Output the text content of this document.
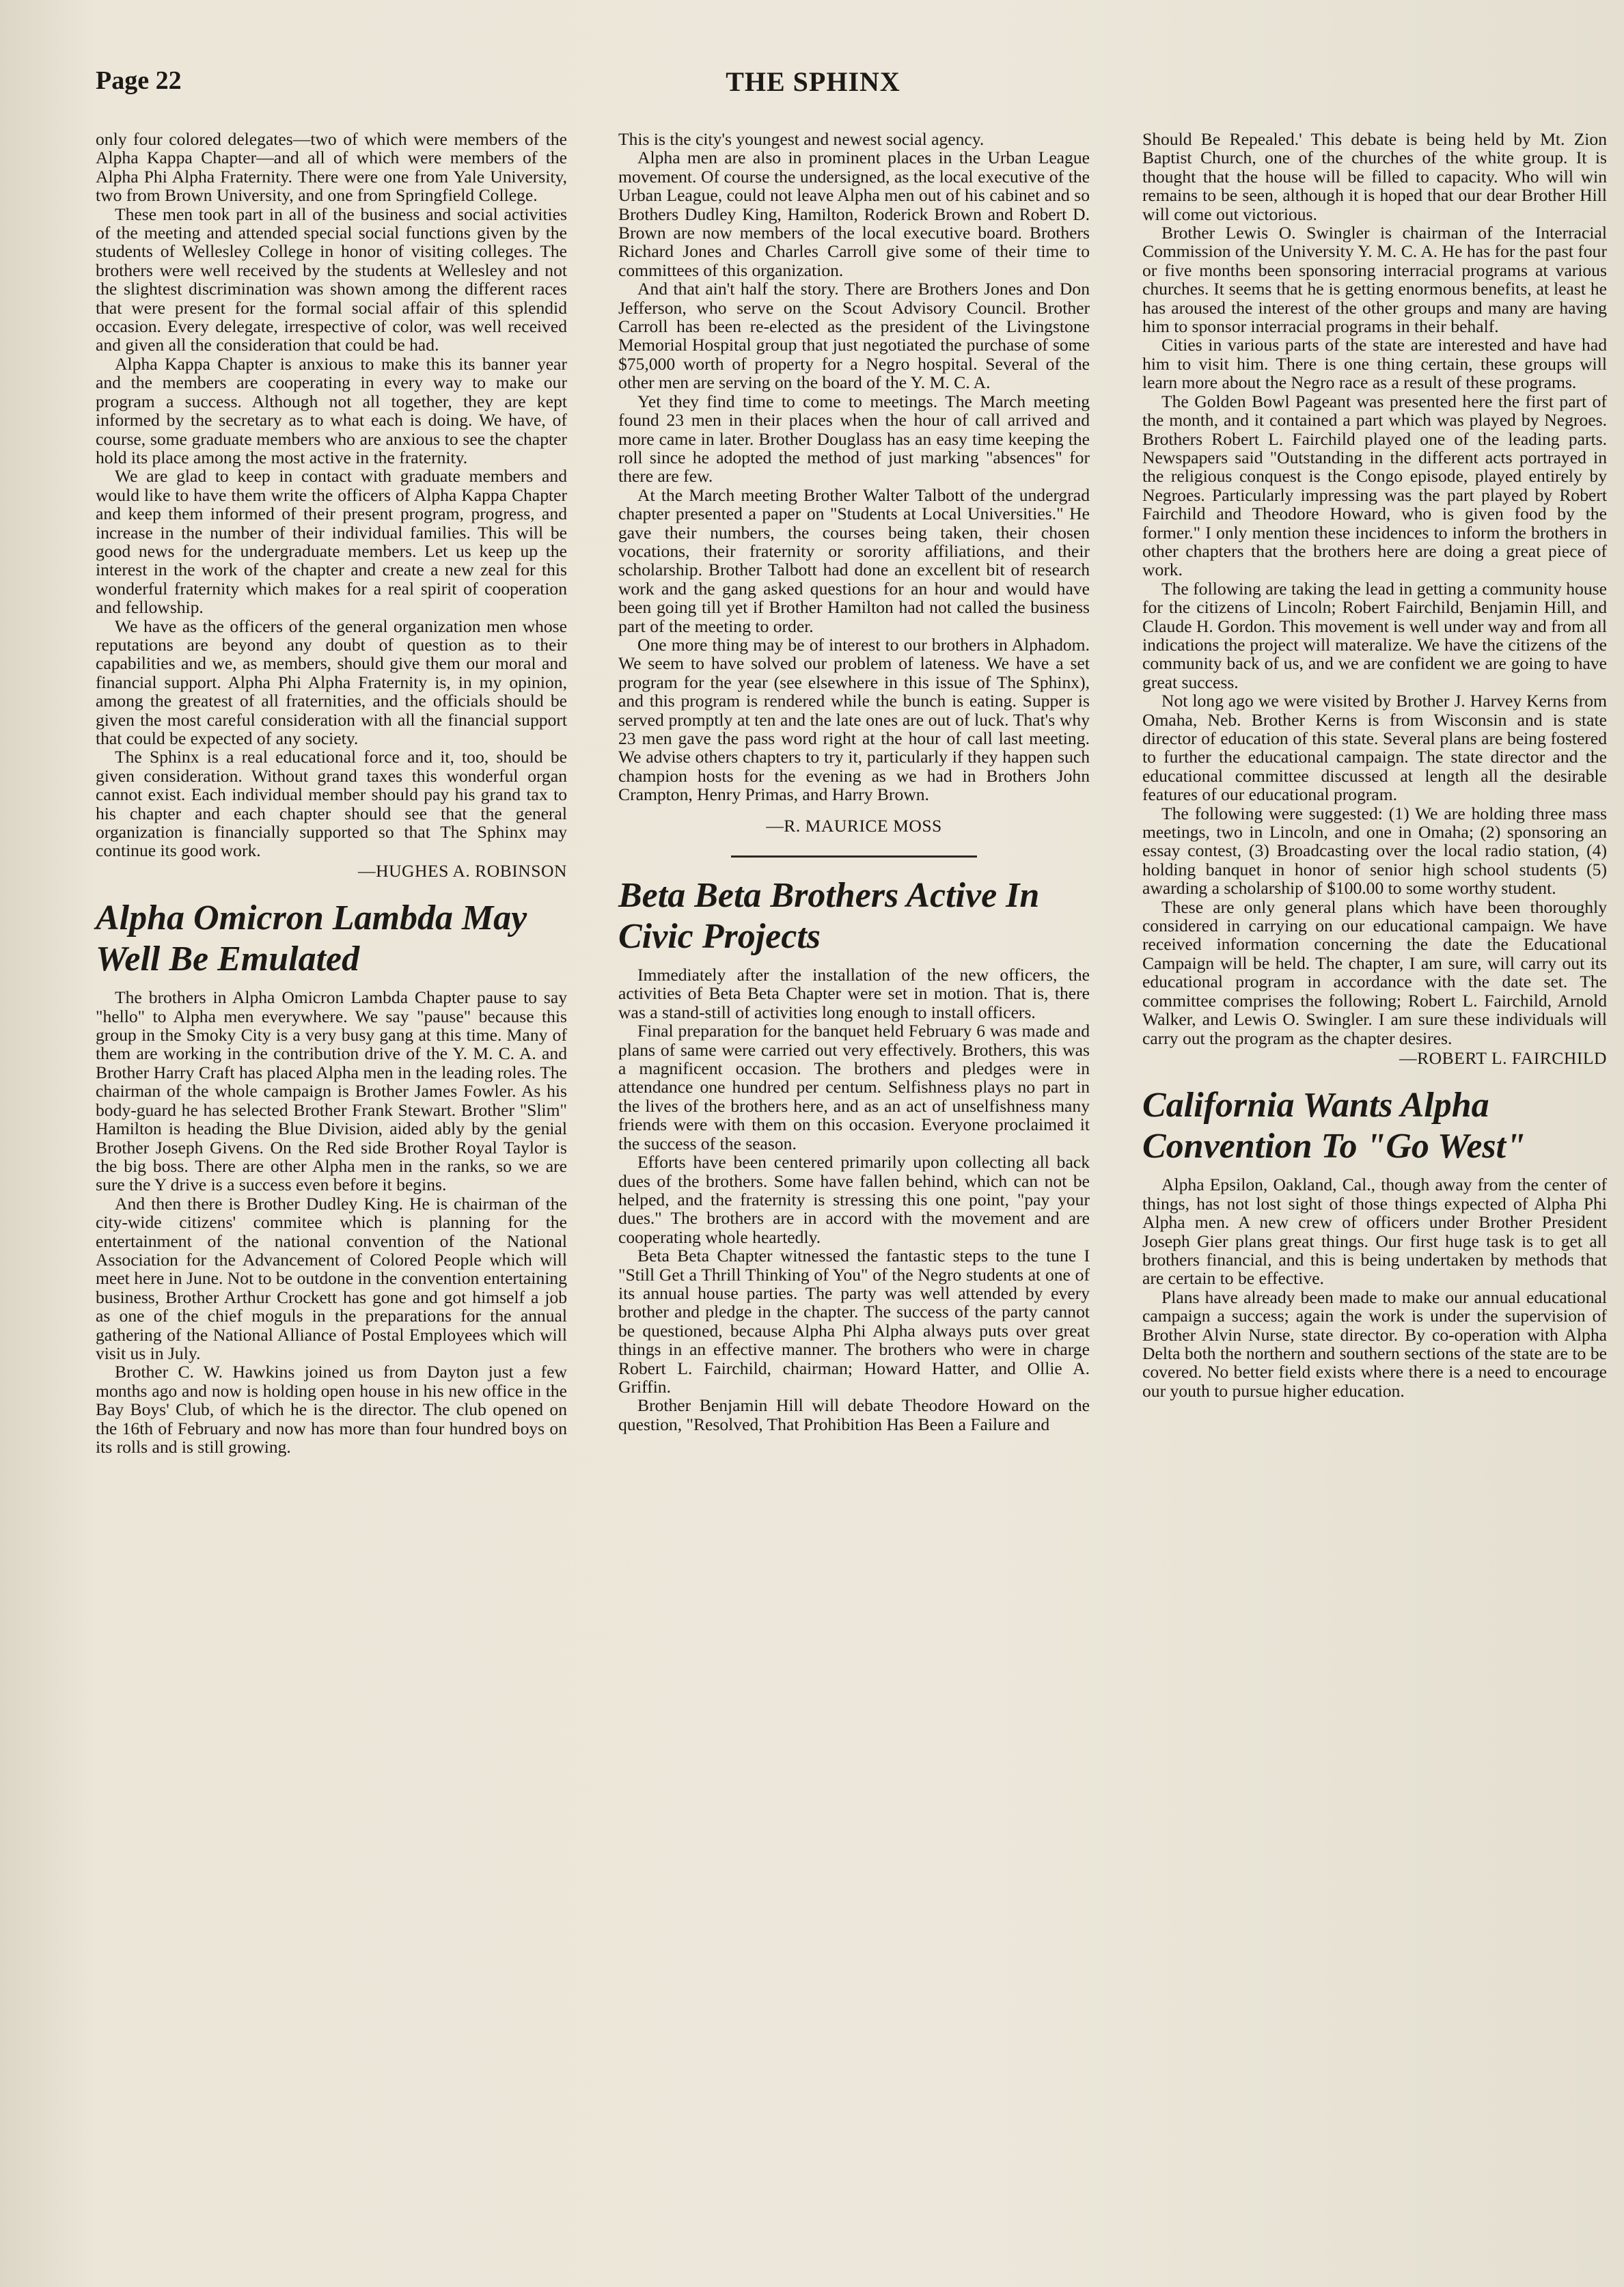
Page 22	THE SPHINX

only four colored delegates—two of which were members of the Alpha Kappa Chapter—and all of which were members of the Alpha Phi Alpha Fraternity. There were one from Yale University, two from Brown University, and one from Springfield College.

These men took part in all of the business and social activities of the meeting and attended special social functions given by the students of Wellesley College in honor of visiting colleges. The brothers were well received by the students at Wellesley and not the slightest discrimination was shown among the different races that were present for the formal social affair of this splendid occasion. Every delegate, irrespective of color, was well received and given all the consideration that could be had.

Alpha Kappa Chapter is anxious to make this its banner year and the members are cooperating in every way to make our program a success. Although not all together, they are kept informed by the secretary as to what each is doing. We have, of course, some graduate members who are anxious to see the chapter hold its place among the most active in the fraternity.

We are glad to keep in contact with graduate members and would like to have them write the officers of Alpha Kappa Chapter and keep them informed of their present program, progress, and increase in the number of their individual families. This will be good news for the undergraduate members. Let us keep up the interest in the work of the chapter and create a new zeal for this wonderful fraternity which makes for a real spirit of cooperation and fellowship.

We have as the officers of the general organization men whose reputations are beyond any doubt of question as to their capabilities and we, as members, should give them our moral and financial support. Alpha Phi Alpha Fraternity is, in my opinion, among the greatest of all fraternities, and the officials should be given the most careful consideration with all the financial support that could be expected of any society.

The Sphinx is a real educational force and it, too, should be given consideration. Without grand taxes this wonderful organ cannot exist. Each individual member should pay his grand tax to his chapter and each chapter should see that the general organization is financially supported so that The Sphinx may continue its good work.

—HUGHES A. ROBINSON
Alpha Omicron Lambda May Well Be Emulated

The brothers in Alpha Omicron Lambda Chapter pause to say "hello" to Alpha men everywhere. We say "pause" because this group in the Smoky City is a very busy gang at this time. Many of them are working in the contribution drive of the Y. M. C. A. and Brother Harry Craft has placed Alpha men in the leading roles. The chairman of the whole campaign is Brother James Fowler. As his body-guard he has selected Brother Frank Stewart. Brother "Slim" Hamilton is heading the Blue Division, aided ably by the genial Brother Joseph Givens. On the Red side Brother Royal Taylor is the big boss. There are other Alpha men in the ranks, so we are sure the Y drive is a success even before it begins.

And then there is Brother Dudley King. He is chairman of the city-wide citizens' commitee which is planning for the entertainment of the national convention of the National Association for the Advancement of Colored People which will meet here in June. Not to be outdone in the convention entertaining business, Brother Arthur Crockett has gone and got himself a job as one of the chief moguls in the preparations for the annual gathering of the National Alliance of Postal Employees which will visit us in July.

Brother C. W. Hawkins joined us from Dayton just a few months ago and now is holding open house in his new office in the Bay Boys' Club, of which he is the director. The club opened on the 16th of February and now has more than four hundred boys on its rolls and is still growing.

This is the city's youngest and newest social agency.

Alpha men are also in prominent places in the Urban League movement. Of course the undersigned, as the local executive of the Urban League, could not leave Alpha men out of his cabinet and so Brothers Dudley King, Hamilton, Roderick Brown and Robert D. Brown are now members of the local executive board. Brothers Richard Jones and Charles Carroll give some of their time to committees of this organization.

And that ain't half the story. There are Brothers Jones and Don Jefferson, who serve on the Scout Advisory Council. Brother Carroll has been re-elected as the president of the Livingstone Memorial Hospital group that just negotiated the purchase of some $75,000 worth of property for a Negro hospital. Several of the other men are serving on the board of the Y. M. C. A.

Yet they find time to come to meetings. The March meeting found 23 men in their places when the hour of call arrived and more came in later. Brother Douglass has an easy time keeping the roll since he adopted the method of just marking "absences" for there are few.

At the March meeting Brother Walter Talbott of the undergrad chapter presented a paper on "Students at Local Universities." He gave their numbers, the courses being taken, their chosen vocations, their fraternity or sorority affiliations, and their scholarship. Brother Talbott had done an excellent bit of research work and the gang asked questions for an hour and would have been going till yet if Brother Hamilton had not called the business part of the meeting to order.

One more thing may be of interest to our brothers in Alphadom. We seem to have solved our problem of lateness. We have a set program for the year (see elsewhere in this issue of The Sphinx), and this program is rendered while the bunch is eating. Supper is served promptly at ten and the late ones are out of luck. That's why 23 men gave the pass word right at the hour of call last meeting. We advise others chapters to try it, particularly if they happen such champion hosts for the evening as we had in Brothers John Crampton, Henry Primas, and Harry Brown.

—R. MAURICE MOSS
Beta Beta Brothers Active In Civic Projects

Immediately after the installation of the new officers, the activities of Beta Beta Chapter were set in motion. That is, there was a stand-still of activities long enough to install officers.

Final preparation for the banquet held February 6 was made and plans of same were carried out very effectively. Brothers, this was a magnificent occasion. The brothers and pledges were in attendance one hundred per centum. Selfishness plays no part in the lives of the brothers here, and as an act of unselfishness many friends were with them on this occasion. Everyone proclaimed it the success of the season.

Efforts have been centered primarily upon collecting all back dues of the brothers. Some have fallen behind, which can not be helped, and the fraternity is stressing this one point, "pay your dues." The brothers are in accord with the movement and are cooperating whole heartedly.

Beta Beta Chapter witnessed the fantastic steps to the tune I "Still Get a Thrill Thinking of You" of the Negro students at one of its annual house parties. The party was well attended by every brother and pledge in the chapter. The success of the party cannot be questioned, because Alpha Phi Alpha always puts over great things in an effective manner. The brothers who were in charge Robert L. Fairchild, chairman; Howard Hatter, and Ollie A. Griffin.

Brother Benjamin Hill will debate Theodore Howard on the question, "Resolved, That Prohibition Has Been a Failure and

Should Be Repealed.' This debate is being held by Mt. Zion Baptist Church, one of the churches of the white group. It is thought that the house will be filled to capacity. Who will win remains to be seen, although it is hoped that our dear Brother Hill will come out victorious.

Brother Lewis O. Swingler is chairman of the Interracial Commission of the University Y. M. C. A. He has for the past four or five months been sponsoring interracial programs at various churches. It seems that he is getting enormous benefits, at least he has aroused the interest of the other groups and many are having him to sponsor interracial programs in their behalf.

Cities in various parts of the state are interested and have had him to visit him. There is one thing certain, these groups will learn more about the Negro race as a result of these programs.

The Golden Bowl Pageant was presented here the first part of the month, and it contained a part which was played by Negroes. Brothers Robert L. Fairchild played one of the leading parts. Newspapers said "Outstanding in the different acts portrayed in the religious conquest is the Congo episode, played entirely by Negroes. Particularly impressing was the part played by Robert Fairchild and Theodore Howard, who is given food by the former." I only mention these incidences to inform the brothers in other chapters that the brothers here are doing a great piece of work.

The following are taking the lead in getting a community house for the citizens of Lincoln; Robert Fairchild, Benjamin Hill, and Claude H. Gordon. This movement is well under way and from all indications the project will materalize. We have the citizens of the community back of us, and we are confident we are going to have great success.

Not long ago we were visited by Brother J. Harvey Kerns from Omaha, Neb. Brother Kerns is from Wisconsin and is state director of education of this state. Several plans are being fostered to further the educational campaign. The state director and the educational committee discussed at length all the desirable features of our educational program.

The following were suggested: (1) We are holding three mass meetings, two in Lincoln, and one in Omaha; (2) sponsoring an essay contest, (3) Broadcasting over the local radio station, (4) holding banquet in honor of senior high school students (5) awarding a scholarship of $100.00 to some worthy student.

These are only general plans which have been thoroughly considered in carrying on our educational campaign. We have received information concerning the date the Educational Campaign will be held. The chapter, I am sure, will carry out its educational program in accordance with the date set. The committee comprises the following; Robert L. Fairchild, Arnold Walker, and Lewis O. Swingler. I am sure these individuals will carry out the program as the chapter desires.

—ROBERT L. FAIRCHILD
California Wants Alpha Convention To "Go West"

Alpha Epsilon, Oakland, Cal., though away from the center of things, has not lost sight of those things expected of Alpha Phi Alpha men. A new crew of officers under Brother President Joseph Gier plans great things. Our first huge task is to get all brothers financial, and this is being undertaken by methods that are certain to be effective.

Plans have already been made to make our annual educational campaign a success; again the work is under the supervision of Brother Alvin Nurse, state director. By co-operation with Alpha Delta both the northern and southern sections of the state are to be covered. No better field exists where there is a need to encourage our youth to pursue higher education.
